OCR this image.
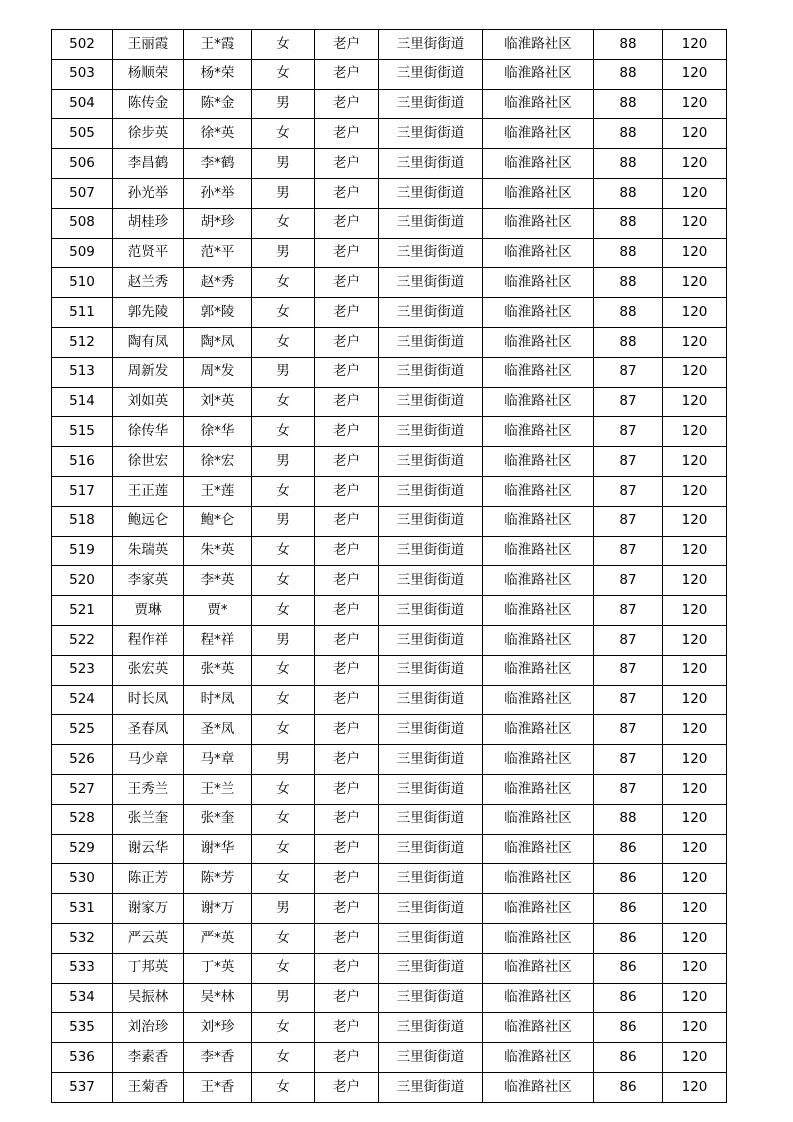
502	王丽霞	王*霞	女	老户	三里街街道	临淮路社区	88	120
503	杨顺荣	杨*荣	女	老户	三里街街道	临淮路社区	88	120
504	陈传金	陈*金	男	老户	三里街街道	临淮路社区	88	120
505	徐步英	徐*英	女	老户	三里街街道	临淮路社区	88	120
506	李昌鹤	李*鹤	男	老户	三里街街道	临淮路社区	88	120
507	孙光举	孙*举	男	老户	三里街街道	临淮路社区	88	120
508	胡桂珍	胡*珍	女	老户	三里街街道	临淮路社区	88	120
509	范贤平	范*平	男	老户	三里街街道	临淮路社区	88	120
510	赵兰秀	赵*秀	女	老户	三里街街道	临淮路社区	88	120
511	郭先陵	郭*陵	女	老户	三里街街道	临淮路社区	88	120
512	陶有凤	陶*凤	女	老户	三里街街道	临淮路社区	88	120
513	周新发	周*发	男	老户	三里街街道	临淮路社区	87	120
514	刘如英	刘*英	女	老户	三里街街道	临淮路社区	87	120
515	徐传华	徐*华	女	老户	三里街街道	临淮路社区	87	120
516	徐世宏	徐*宏	男	老户	三里街街道	临淮路社区	87	120
517	王正莲	王*莲	女	老户	三里街街道	临淮路社区	87	120
518	鲍远仑	鲍*仑	男	老户	三里街街道	临淮路社区	87	120
519	朱瑞英	朱*英	女	老户	三里街街道	临淮路社区	87	120
520	李家英	李*英	女	老户	三里街街道	临淮路社区	87	120
521	贾琳	贾*	女	老户	三里街街道	临淮路社区	87	120
522	程作祥	程*祥	男	老户	三里街街道	临淮路社区	87	120
523	张宏英	张*英	女	老户	三里街街道	临淮路社区	87	120
524	时长凤	时*凤	女	老户	三里街街道	临淮路社区	87	120
525	圣春凤	圣*凤	女	老户	三里街街道	临淮路社区	87	120
526	马少章	马*章	男	老户	三里街街道	临淮路社区	87	120
527	王秀兰	王*兰	女	老户	三里街街道	临淮路社区	87	120
528	张兰奎	张*奎	女	老户	三里街街道	临淮路社区	88	120
529	谢云华	谢*华	女	老户	三里街街道	临淮路社区	86	120
530	陈正芳	陈*芳	女	老户	三里街街道	临淮路社区	86	120
531	谢家万	谢*万	男	老户	三里街街道	临淮路社区	86	120
532	严云英	严*英	女	老户	三里街街道	临淮路社区	86	120
533	丁邦英	丁*英	女	老户	三里街街道	临淮路社区	86	120
534	吴振林	吴*林	男	老户	三里街街道	临淮路社区	86	120
535	刘治珍	刘*珍	女	老户	三里街街道	临淮路社区	86	120
536	李素香	李*香	女	老户	三里街街道	临淮路社区	86	120
537	王菊香	王*香	女	老户	三里街街道	临淮路社区	86	120
